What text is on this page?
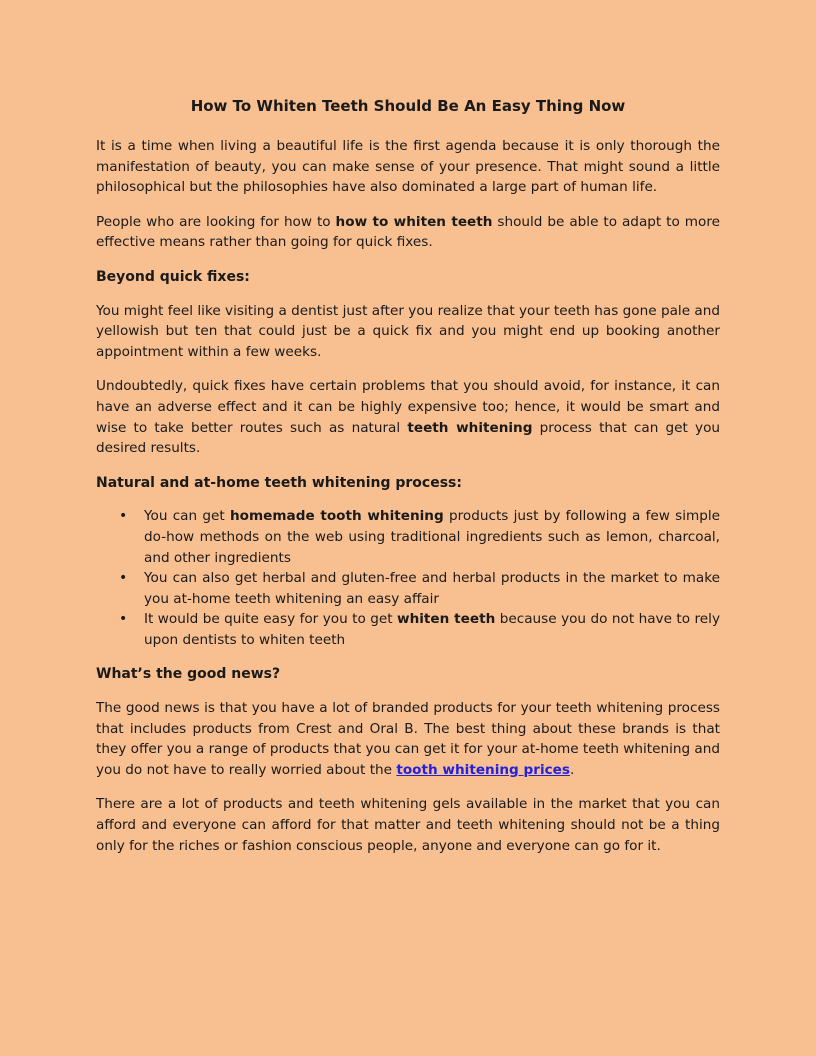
How To Whiten Teeth Should Be An Easy Thing Now

It is a time when living a beautiful life is the first agenda because it is only thorough the manifestation of beauty, you can make sense of your presence. That might sound a little philosophical but the philosophies have also dominated a large part of human life.

People who are looking for how to how to whiten teeth should be able to adapt to more effective means rather than going for quick fixes.

Beyond quick fixes:

You might feel like visiting a dentist just after you realize that your teeth has gone pale and yellowish but ten that could just be a quick fix and you might end up booking another appointment within a few weeks.

Undoubtedly, quick fixes have certain problems that you should avoid, for instance, it can have an adverse effect and it can be highly expensive too; hence, it would be smart and wise to take better routes such as natural teeth whitening process that can get you desired results.

Natural and at-home teeth whitening process:
• You can get homemade tooth whitening products just by following a few simple do-how methods on the web using traditional ingredients such as lemon, charcoal, and other ingredients
• You can also get herbal and gluten-free and herbal products in the market to make you at-home teeth whitening an easy affair
• It would be quite easy for you to get whiten teeth because you do not have to rely upon dentists to whiten teeth
What’s the good news?

The good news is that you have a lot of branded products for your teeth whitening process that includes products from Crest and Oral B. The best thing about these brands is that they offer you a range of products that you can get it for your at-home teeth whitening and you do not have to really worried about the tooth whitening prices.

There are a lot of products and teeth whitening gels available in the market that you can afford and everyone can afford for that matter and teeth whitening should not be a thing only for the riches or fashion conscious people, anyone and everyone can go for it.
